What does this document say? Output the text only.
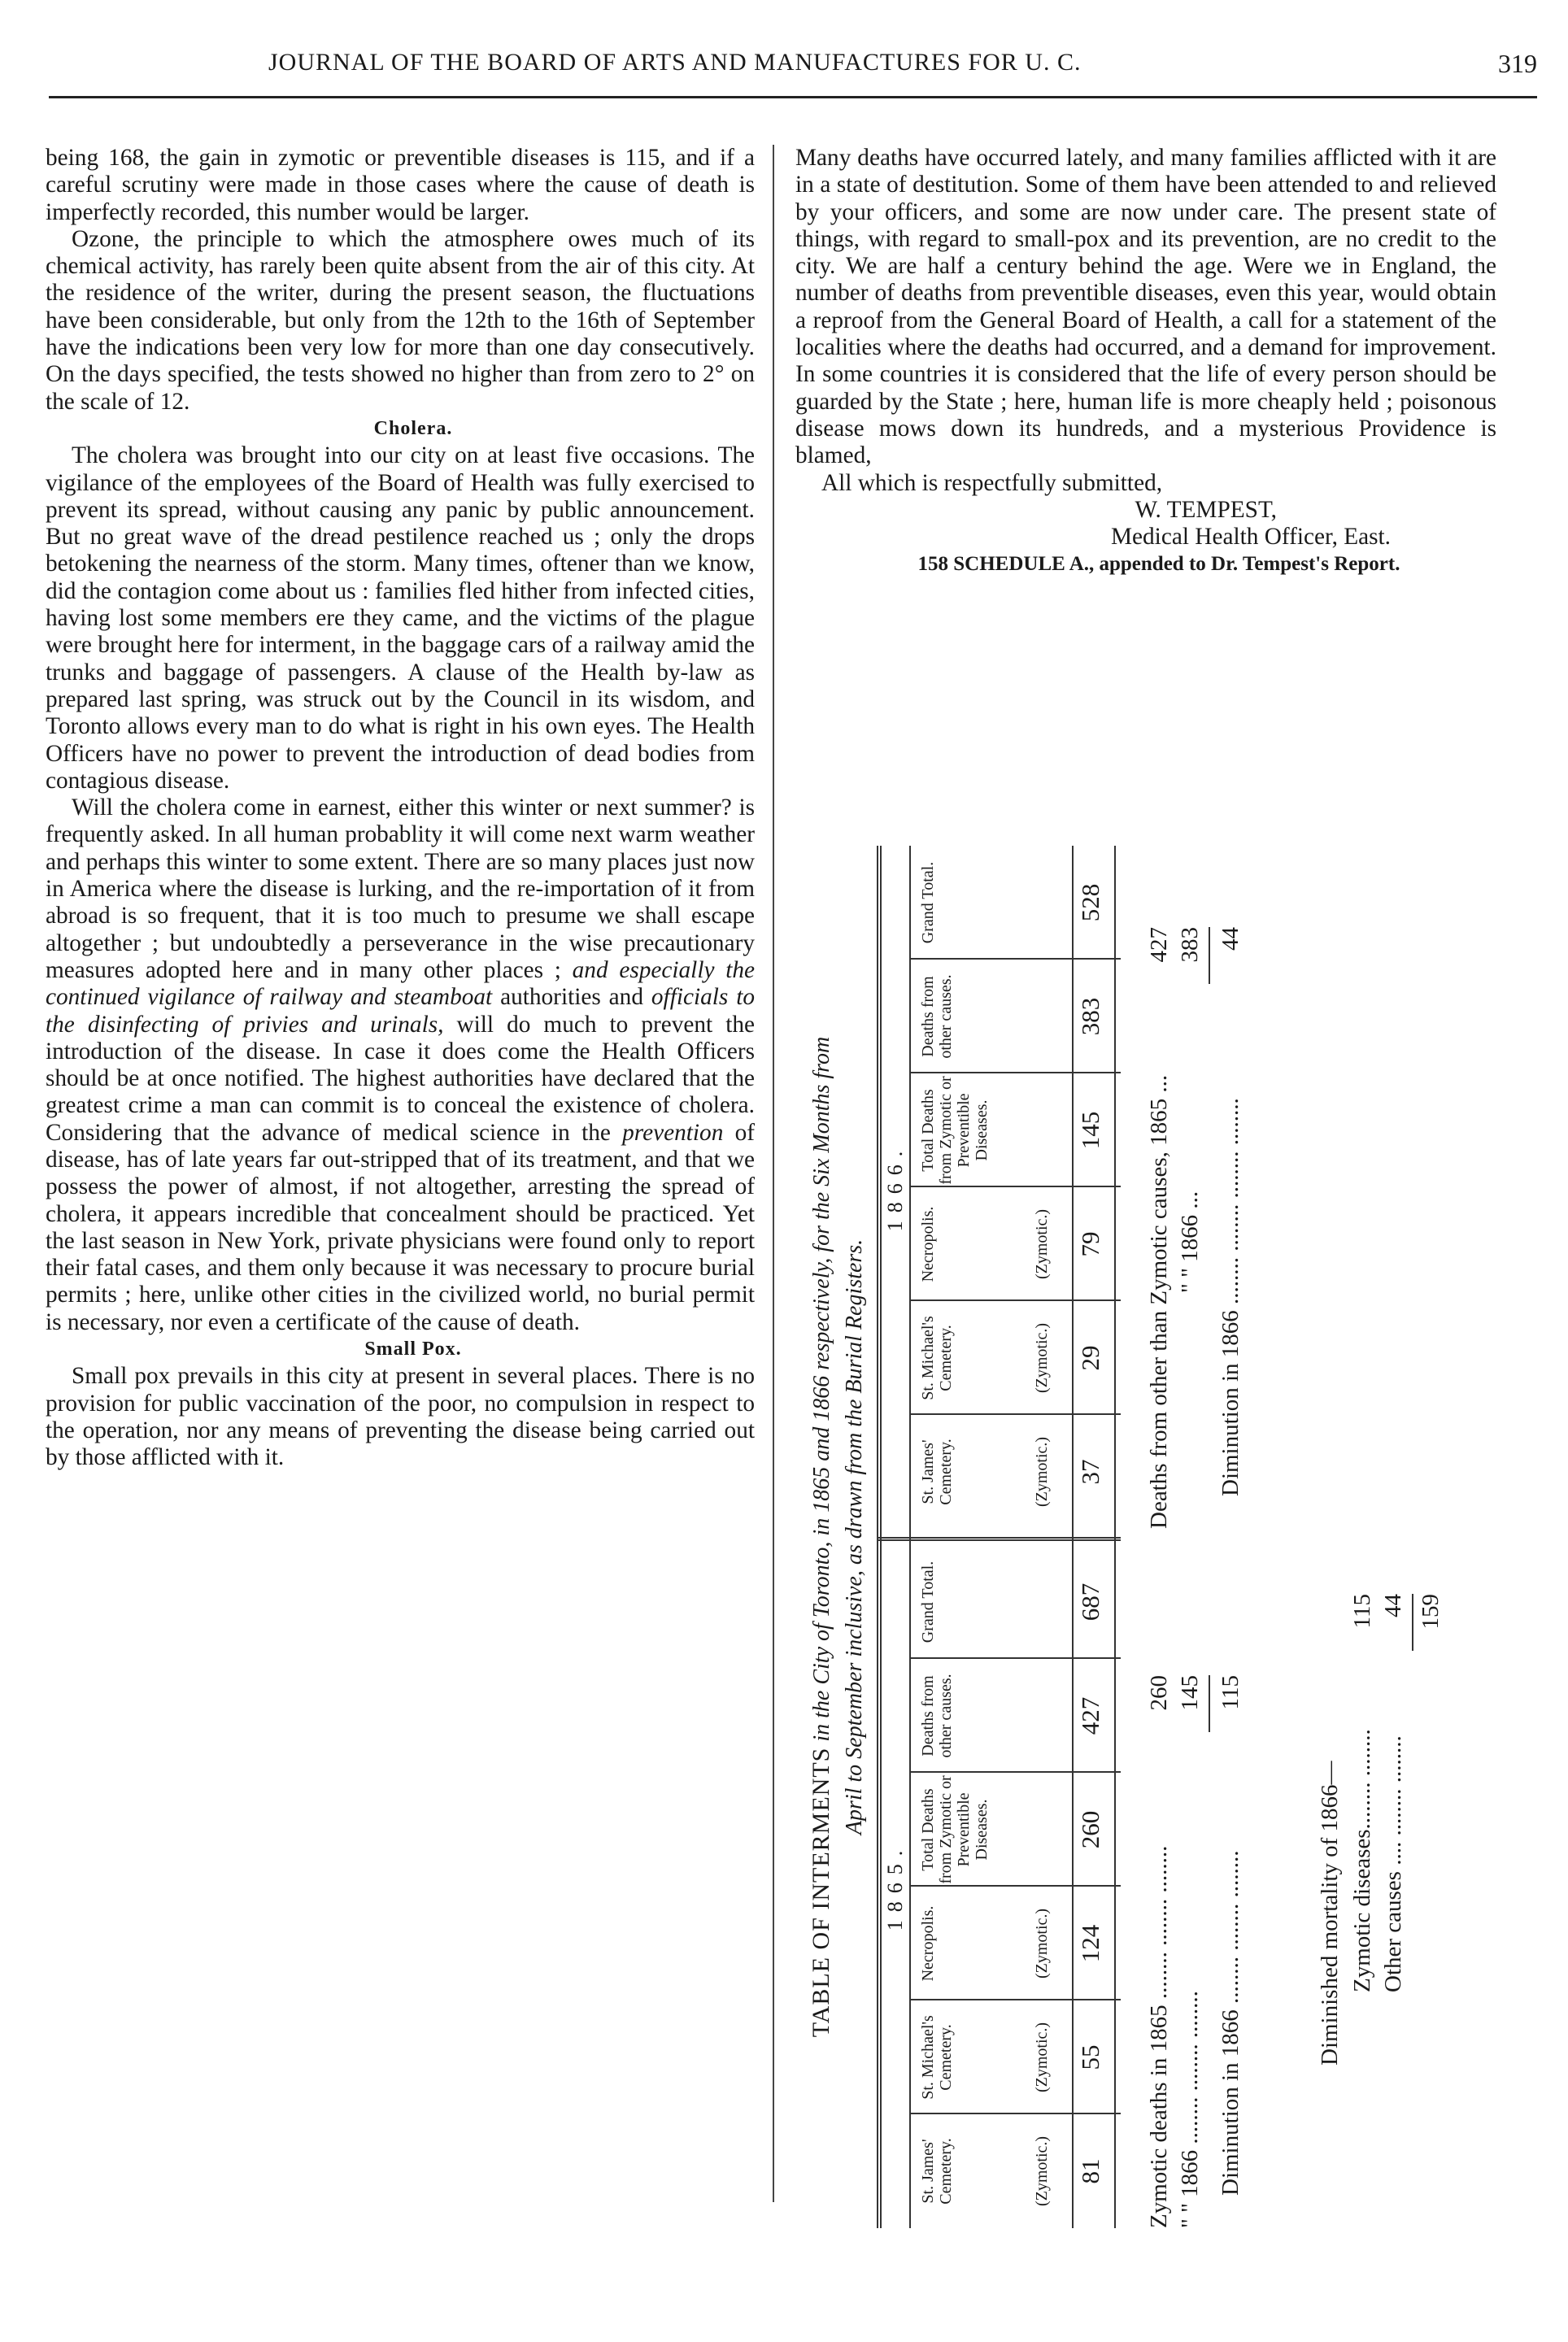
JOURNAL OF THE BOARD OF ARTS AND MANUFACTURES FOR U. C.	319

being 168, the gain in zymotic or preventible diseases is 115, and if a careful scrutiny were made in those cases where the cause of death is imperfectly recorded, this number would be larger.

Ozone, the principle to which the atmosphere owes much of its chemical activity, has rarely been quite absent from the air of this city. At the residence of the writer, during the present season, the fluctuations have been considerable, but only from the 12th to the 16th of September have the indications been very low for more than one day consecutively. On the days specified, the tests showed no higher than from zero to 2° on the scale of 12.

Cholera.

The cholera was brought into our city on at least five occasions. The vigilance of the employees of the Board of Health was fully exercised to prevent its spread, without causing any panic by public announcement. But no great wave of the dread pestilence reached us ; only the drops betokening the nearness of the storm. Many times, oftener than we know, did the contagion come about us : families fled hither from infected cities, having lost some members ere they came, and the victims of the plague were brought here for interment, in the baggage cars of a railway amid the trunks and baggage of passengers. A clause of the Health by-law as prepared last spring, was struck out by the Council in its wisdom, and Toronto allows every man to do what is right in his own eyes. The Health Officers have no power to prevent the introduction of dead bodies from contagious disease.

Will the cholera come in earnest, either this winter or next summer? is frequently asked. In all human probablity it will come next warm weather and perhaps this winter to some extent. There are so many places just now in America where the disease is lurking, and the re-importation of it from abroad is so frequent, that it is too much to presume we shall escape altogether ; but undoubtedly a perseverance in the wise precautionary measures adopted here and in many other places ; and especially the continued vigilance of railway and steamboat authorities and officials to the disinfecting of privies and urinals, will do much to prevent the introduction of the disease. In case it does come the Health Officers should be at once notified. The highest authorities have declared that the greatest crime a man can commit is to conceal the existence of cholera. Considering that the advance of medical science in the prevention of disease, has of late years far out-stripped that of its treatment, and that we possess the power of almost, if not altogether, arresting the spread of cholera, it appears incredible that concealment should be practiced. Yet the last season in New York, private physicians were found only to report their fatal cases, and them only because it was necessary to procure burial permits ; here, unlike other cities in the civilized world, no burial permit is necessary, nor even a certificate of the cause of death.

Small Pox.

Small pox prevails in this city at present in several places. There is no provision for public vaccination of the poor, no compulsion in respect to the operation, nor any means of preventing the disease being carried out by those afflicted with it.

Many deaths have occurred lately, and many families afflicted with it are in a state of destitution. Some of them have been attended to and relieved by your officers, and some are now under care. The present state of things, with regard to small-pox and its prevention, are no credit to the city. We are half a century behind the age. Were we in England, the number of deaths from preventible diseases, even this year, would obtain a reproof from the General Board of Health, a call for a statement of the localities where the deaths had occurred, and a demand for improvement. In some countries it is considered that the life of every person should be guarded by the State ; here, human life is more cheaply held ; poisonous disease mows down its hundreds, and a mysterious Providence is blamed,

All which is respectfully submitted,

W. TEMPEST,

Medical Health Officer, East.

158 SCHEDULE A., appended to Dr. Tempest's Report.

TABLE OF INTERMENTS in the City of Toronto, in 1865 and 1866 respectively, for the Six Months from April to September inclusive, as drawn from the Burial Registers.
1865.
1866.
St. James' Cemetery.	(Zymotic.) 81
St. Michael's Cemetery.	(Zymotic.) 55
Necropolis.	(Zymotic.) 124
Total Deaths from Zymotic or Preventible Diseases.	260
Deaths from other causes.	427
Grand Total.	687
St. James' Cemetery.	(Zymotic.) 37
St. Michael's Cemetery.	(Zymotic.) 29
Necropolis.	(Zymotic.) 79
Total Deaths from Zymotic or Preventible Diseases.	145
Deaths from other causes.	383
Grand Total.	528
Zymotic deaths in 1865 ........ ........ ........
260
" " 1866 ........ ........ ........
145
Diminution in 1866 ........ ........ ........
115
Deaths from other than Zymotic causes, 1865 ...
427
" " 1866 ...
383
Diminution in 1866 ........ ........ ........ ........
44
Diminished mortality of 1866— Zymotic diseases........ ........
115
Other causes .... ........ ........
44 159
